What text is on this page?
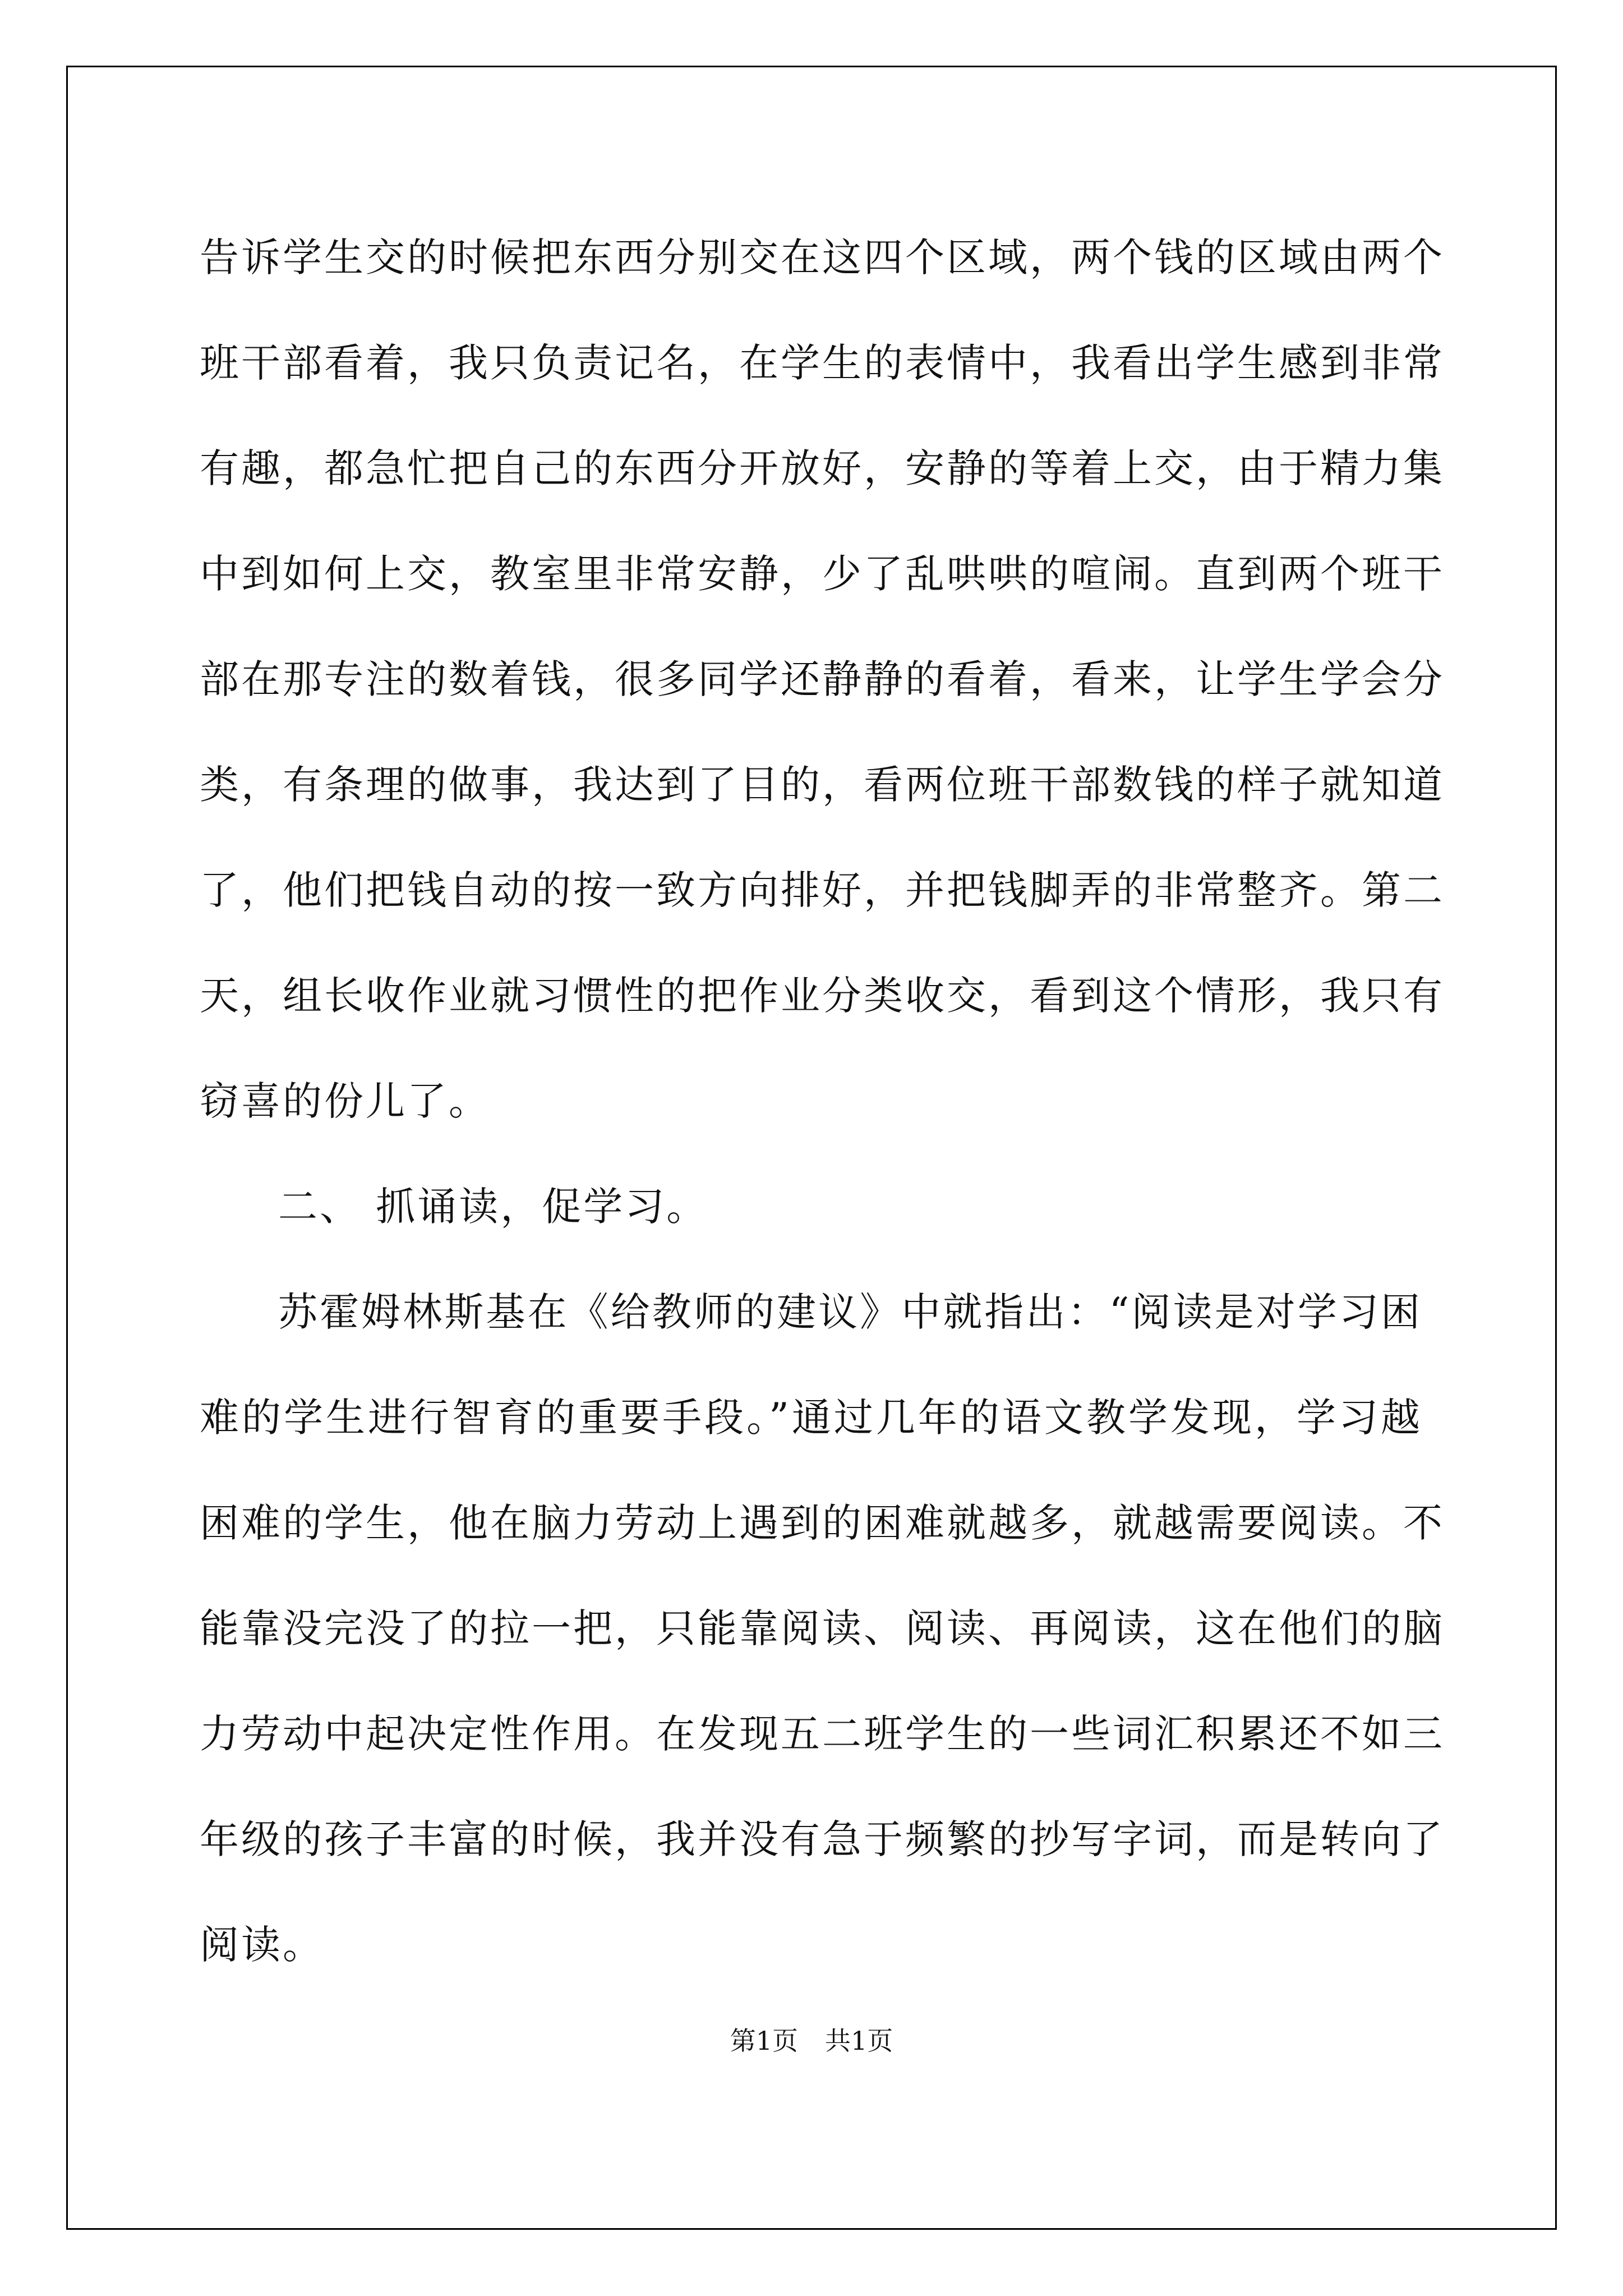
告诉学生交的时候把东西分别交在这四个区域，两个钱的区域由两个
班干部看着，我只负责记名，在学生的表情中，我看出学生感到非常
有趣，都急忙把自己的东西分开放好，安静的等着上交，由于精力集
中到如何上交，教室里非常安静，少了乱哄哄的喧闹。直到两个班干
部在那专注的数着钱，很多同学还静静的看着，看来，让学生学会分
类，有条理的做事，我达到了目的，看两位班干部数钱的样子就知道
了，他们把钱自动的按一致方向排好，并把钱脚弄的非常整齐。第二
天，组长收作业就习惯性的把作业分类收交，看到这个情形，我只有
窃喜的份儿了。
二、 抓诵读，促学习。
苏霍姆林斯基在《给教师的建议》中就指出：“阅读是对学习困
难的学生进行智育的重要手段。”通过几年的语文教学发现，学习越
困难的学生，他在脑力劳动上遇到的困难就越多，就越需要阅读。不
能靠没完没了的拉一把，只能靠阅读、阅读、再阅读，这在他们的脑
力劳动中起决定性作用。在发现五二班学生的一些词汇积累还不如三
年级的孩子丰富的时候，我并没有急于频繁的抄写字词，而是转向了
阅读。
第1页 共1页
